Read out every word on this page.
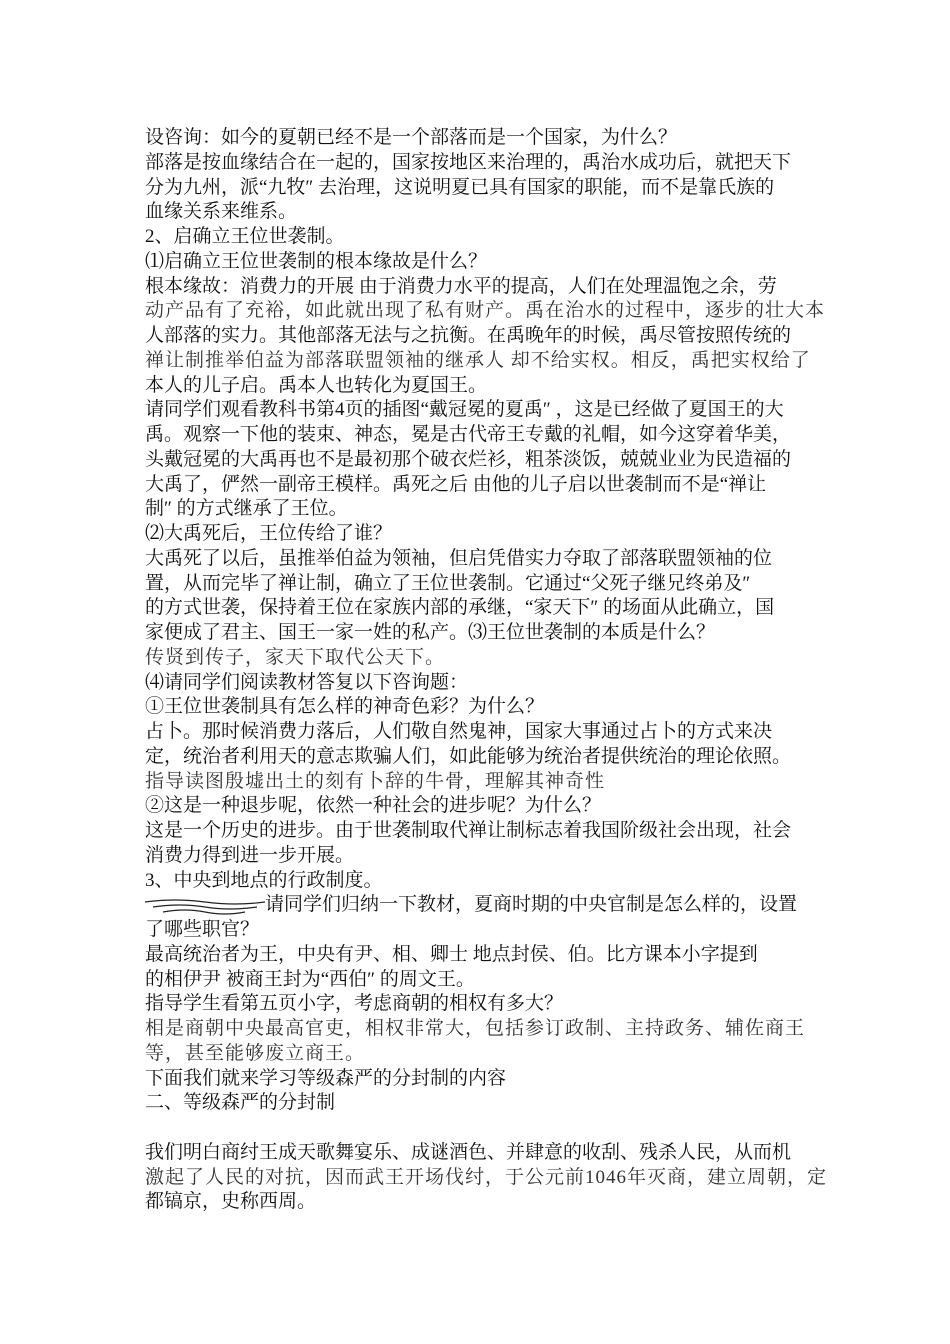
设咨询：如今的夏朝已经不是一个部落而是一个国家，为什么？
部落是按血缘结合在一起的，国家按地区来治理的，禹治水成功后，就把天下
分为九州，派“九牧″ 去治理，这说明夏已具有国家的职能，而不是靠氏族的
血缘关系来维系。
2、启确立王位世袭制。
⑴启确立王位世袭制的根本缘故是什么？
根本缘故：消费力的开展 由于消费力水平的提高，人们在处理温饱之余，劳
动产品有了充裕，如此就出现了私有财产。禹在治水的过程中，逐步的壮大本
人部落的实力。其他部落无法与之抗衡。在禹晚年的时候，禹尽管按照传统的
禅让制推举伯益为部落联盟领袖的继承人 却不给实权。相反，禹把实权给了
本人的儿子启。禹本人也转化为夏国王。
请同学们观看教科书第4页的插图“戴冠冕的夏禹″ ，这是已经做了夏国王的大
禹。观察一下他的装束、神态，冕是古代帝王专戴的礼帽，如今这穿着华美，
头戴冠冕的大禹再也不是最初那个破衣烂衫，粗茶淡饭，兢兢业业为民造福的
大禹了，俨然一副帝王模样。禹死之后 由他的儿子启以世袭制而不是“禅让
制″ 的方式继承了王位。
⑵大禹死后，王位传给了谁？
大禹死了以后，虽推举伯益为领袖，但启凭借实力夺取了部落联盟领袖的位
置，从而完毕了禅让制，确立了王位世袭制。它通过“父死子继兄终弟及″
的方式世袭，保持着王位在家族内部的承继，“家天下″ 的场面从此确立，国
家便成了君主、国王一家一姓的私产。⑶王位世袭制的本质是什么？
传贤到传子，家天下取代公天下。
⑷请同学们阅读教材答复以下咨询题：
①王位世袭制具有怎么样的神奇色彩？为什么？
占卜。那时候消费力落后，人们敬自然鬼神，国家大事通过占卜的方式来决
定，统治者利用天的意志欺骗人们，如此能够为统治者提供统治的理论依照。
指导读图殷墟出土的刻有卜辞的牛骨，理解其神奇性
②这是一种退步呢，依然一种社会的进步呢？为什么？
这是一个历史的进步。由于世袭制取代禅让制标志着我国阶级社会出现，社会
消费力得到进一步开展。
3、中央到地点的行政制度。
请同学们归纳一下教材，夏商时期的中央官制是怎么样的，设置
了哪些职官？
最高统治者为王，中央有尹、相、卿士 地点封侯、伯。比方课本小字提到
的相伊尹 被商王封为“西伯″ 的周文王。
指导学生看第五页小字，考虑商朝的相权有多大？
相是商朝中央最高官吏，相权非常大，包括参订政制、主持政务、辅佐商王
等，甚至能够废立商王。
下面我们就来学习等级森严的分封制的内容
二、等级森严的分封制
我们明白商纣王成天歌舞宴乐、成谜酒色、并肆意的收刮、残杀人民，从而机
激起了人民的对抗，因而武王开场伐纣，于公元前1046年灭商，建立周朝，定
都镐京，史称西周。
